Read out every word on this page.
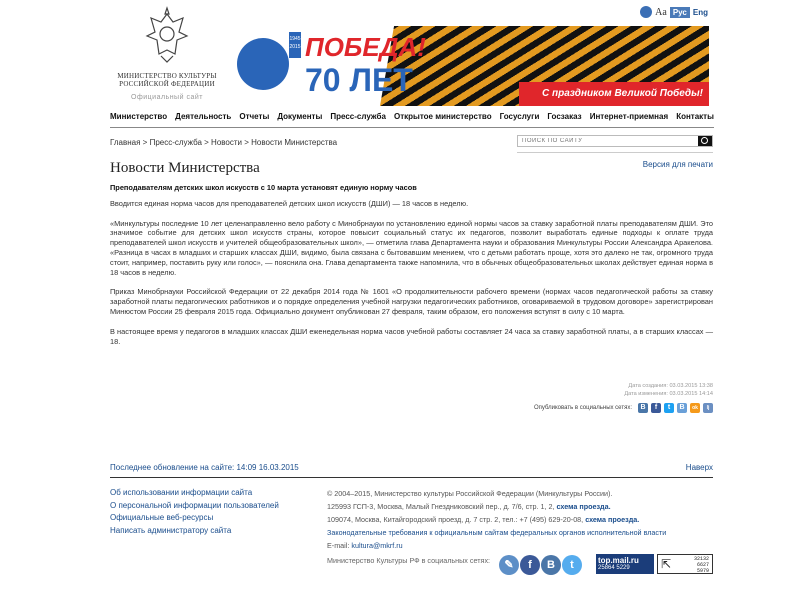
МИНИСТЕРСТВО КУЛЬТУРЫ
РОССИЙСКОЙ ФЕДЕРАЦИИ
Официальный сайт
Aa Рус Eng
С праздником Великой Победы!
1945 2015 ПОБЕДА!
70 ЛЕТ
Министерство Деятельность Отчеты Документы Пресс-служба Открытое министерство Госуслуги Госзаказ Интернет-приемная Контакты
Главная > Пресс-служба > Новости > Новости Министерства
ПОИСК ПО САЙТУ
Версия для печати
Новости Министерства
Преподавателям детских школ искусств с 10 марта установят единую норму часов

Вводится единая норма часов для преподавателей детских школ искусств (ДШИ) — 18 часов в неделю.

«Минкультуры последние 10 лет целенаправленно вело работу с Минобрнауки по установлению единой нормы часов за ставку заработной платы преподавателям ДШИ. Это значимое событие для детских школ искусств страны, которое повысит социальный статус их педагогов, позволит выработать единые подходы к оплате труда преподавателей школ искусств и учителей общеобразовательных школ», — отметила глава Департамента науки и образования Минкультуры России Александра Аракелова. «Разница в часах в младших и старших классах ДШИ, видимо, была связана с бытовавшим мнением, что с детьми работать проще, хотя это далеко не так, огромного труда стоит, например, поставить руку или голос», — пояснила она. Глава департамента также напомнила, что в обычных общеобразовательных школах действует единая норма в 18 часов в неделю.

Приказ Минобрнауки Российской Федерации от 22 декабря 2014 года № 1601 «О продолжительности рабочего времени (нормах часов педагогической работы за ставку заработной платы педагогических работников и о порядке определения учебной нагрузки педагогических работников, оговариваемой в трудовом договоре» зарегистрирован Минюстом России 25 февраля 2015 года. Официально документ опубликован 27 февраля, таким образом, его положения вступят в силу с 10 марта.

В настоящее время у педагогов в младших классах ДШИ еженедельная норма часов учебной работы составляет 24 часа за ставку заработной платы, а в старших классах — 18.

Дата создания: 03.03.2015 13:38
Дата изменения: 03.03.2015 14:14
Опубликовать в социальных сетях:	B	f	t	B	ok	lj
Последнее обновление на сайте: 14:09 16.03.2015	Наверх
Об использовании информации сайта
О персональной информации пользователей
Официальные веб-ресурсы
Написать администратору сайта
© 2004–2015, Министерство культуры Российской Федерации (Минкультуры России).
125993 ГСП-3, Москва, Малый Гнездниковский пер., д. 7/6, стр. 1, 2, схема проезда.
109074, Москва, Китайгородский проезд, д. 7 стр. 2, тел.: +7 (495) 629-20-08, схема проезда.
Законодательные требования к официальным сайтам федеральных органов исполнительной власти
E-mail: kultura@mkrf.ru
Министерство Культуры РФ в социальных сетях:	✎	f	B	t	top.mail.ru
25864 5229	⇱	32132
6627
5979
